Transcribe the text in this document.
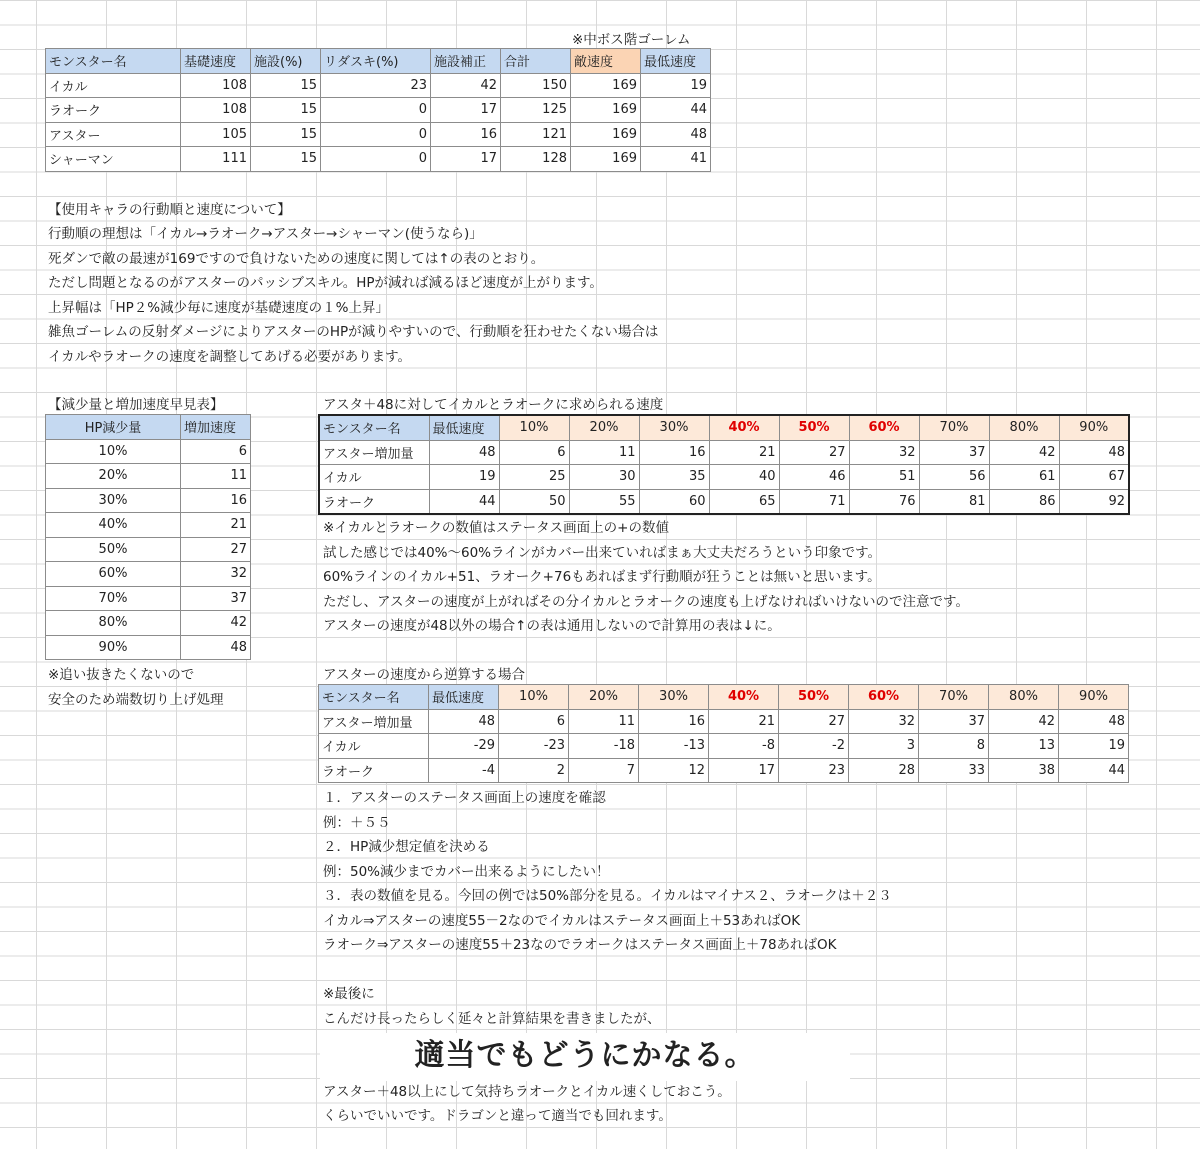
※中ボス階ゴーレム
モンスター名	基礎速度	施設(%)	リダスキ(%)	施設補正	合計	敵速度	最低速度
イカル	108	15	23	42	150	169	19
ラオーク	108	15	0	17	125	169	44
アスター	105	15	0	16	121	169	48
シャーマン	111	15	0	17	128	169	41
【使用キャラの行動順と速度について】
行動順の理想は「イカル→ラオーク→アスター→シャーマン(使うなら)」
死ダンで敵の最速が169ですので負けないための速度に関しては↑の表のとおり。
ただし問題となるのがアスターのパッシブスキル。HPが減れば減るほど速度が上がります。
上昇幅は「HP２%減少毎に速度が基礎速度の１%上昇」
雑魚ゴーレムの反射ダメージによりアスターのHPが減りやすいので、行動順を狂わせたくない場合は
イカルやラオークの速度を調整してあげる必要があります。
【減少量と増加速度早見表】
HP減少量	増加速度
10%	6
20%	11
30%	16
40%	21
50%	27
60%	32
70%	37
80%	42
90%	48
※追い抜きたくないので
安全のため端数切り上げ処理
アスタ＋48に対してイカルとラオークに求められる速度
モンスター名	最低速度	10%	20%	30%	40%	50%	60%	70%	80%	90%
アスター増加量	48	6	11	16	21	27	32	37	42	48
イカル	19	25	30	35	40	46	51	56	61	67
ラオーク	44	50	55	60	65	71	76	81	86	92
※イカルとラオークの数値はステータス画面上の+の数値
試した感じでは40%～60%ラインがカバー出来ていればまぁ大丈夫だろうという印象です。
60%ラインのイカル+51、ラオーク+76もあればまず行動順が狂うことは無いと思います。
ただし、アスターの速度が上がればその分イカルとラオークの速度も上げなければいけないので注意です。
アスターの速度が48以外の場合↑の表は通用しないので計算用の表は↓に。
アスターの速度から逆算する場合
モンスター名	最低速度	10%	20%	30%	40%	50%	60%	70%	80%	90%
アスター増加量	48	6	11	16	21	27	32	37	42	48
イカル	-29	-23	-18	-13	-8	-2	3	8	13	19
ラオーク	-4	2	7	12	17	23	28	33	38	44
１．アスターのステータス画面上の速度を確認
例：＋５５
２．HP減少想定値を決める
例：50%減少までカバー出来るようにしたい！
３．表の数値を見る。今回の例では50%部分を見る。イカルはマイナス２、ラオークは＋２３
イカル⇒アスターの速度55－2なのでイカルはステータス画面上＋53あればOK
ラオーク⇒アスターの速度55＋23なのでラオークはステータス画面上＋78あればOK
※最後に
こんだけ長ったらしく延々と計算結果を書きましたが、
適当でもどうにかなる。
アスター＋48以上にして気持ちラオークとイカル速くしておこう。
くらいでいいです。ドラゴンと違って適当でも回れます。
